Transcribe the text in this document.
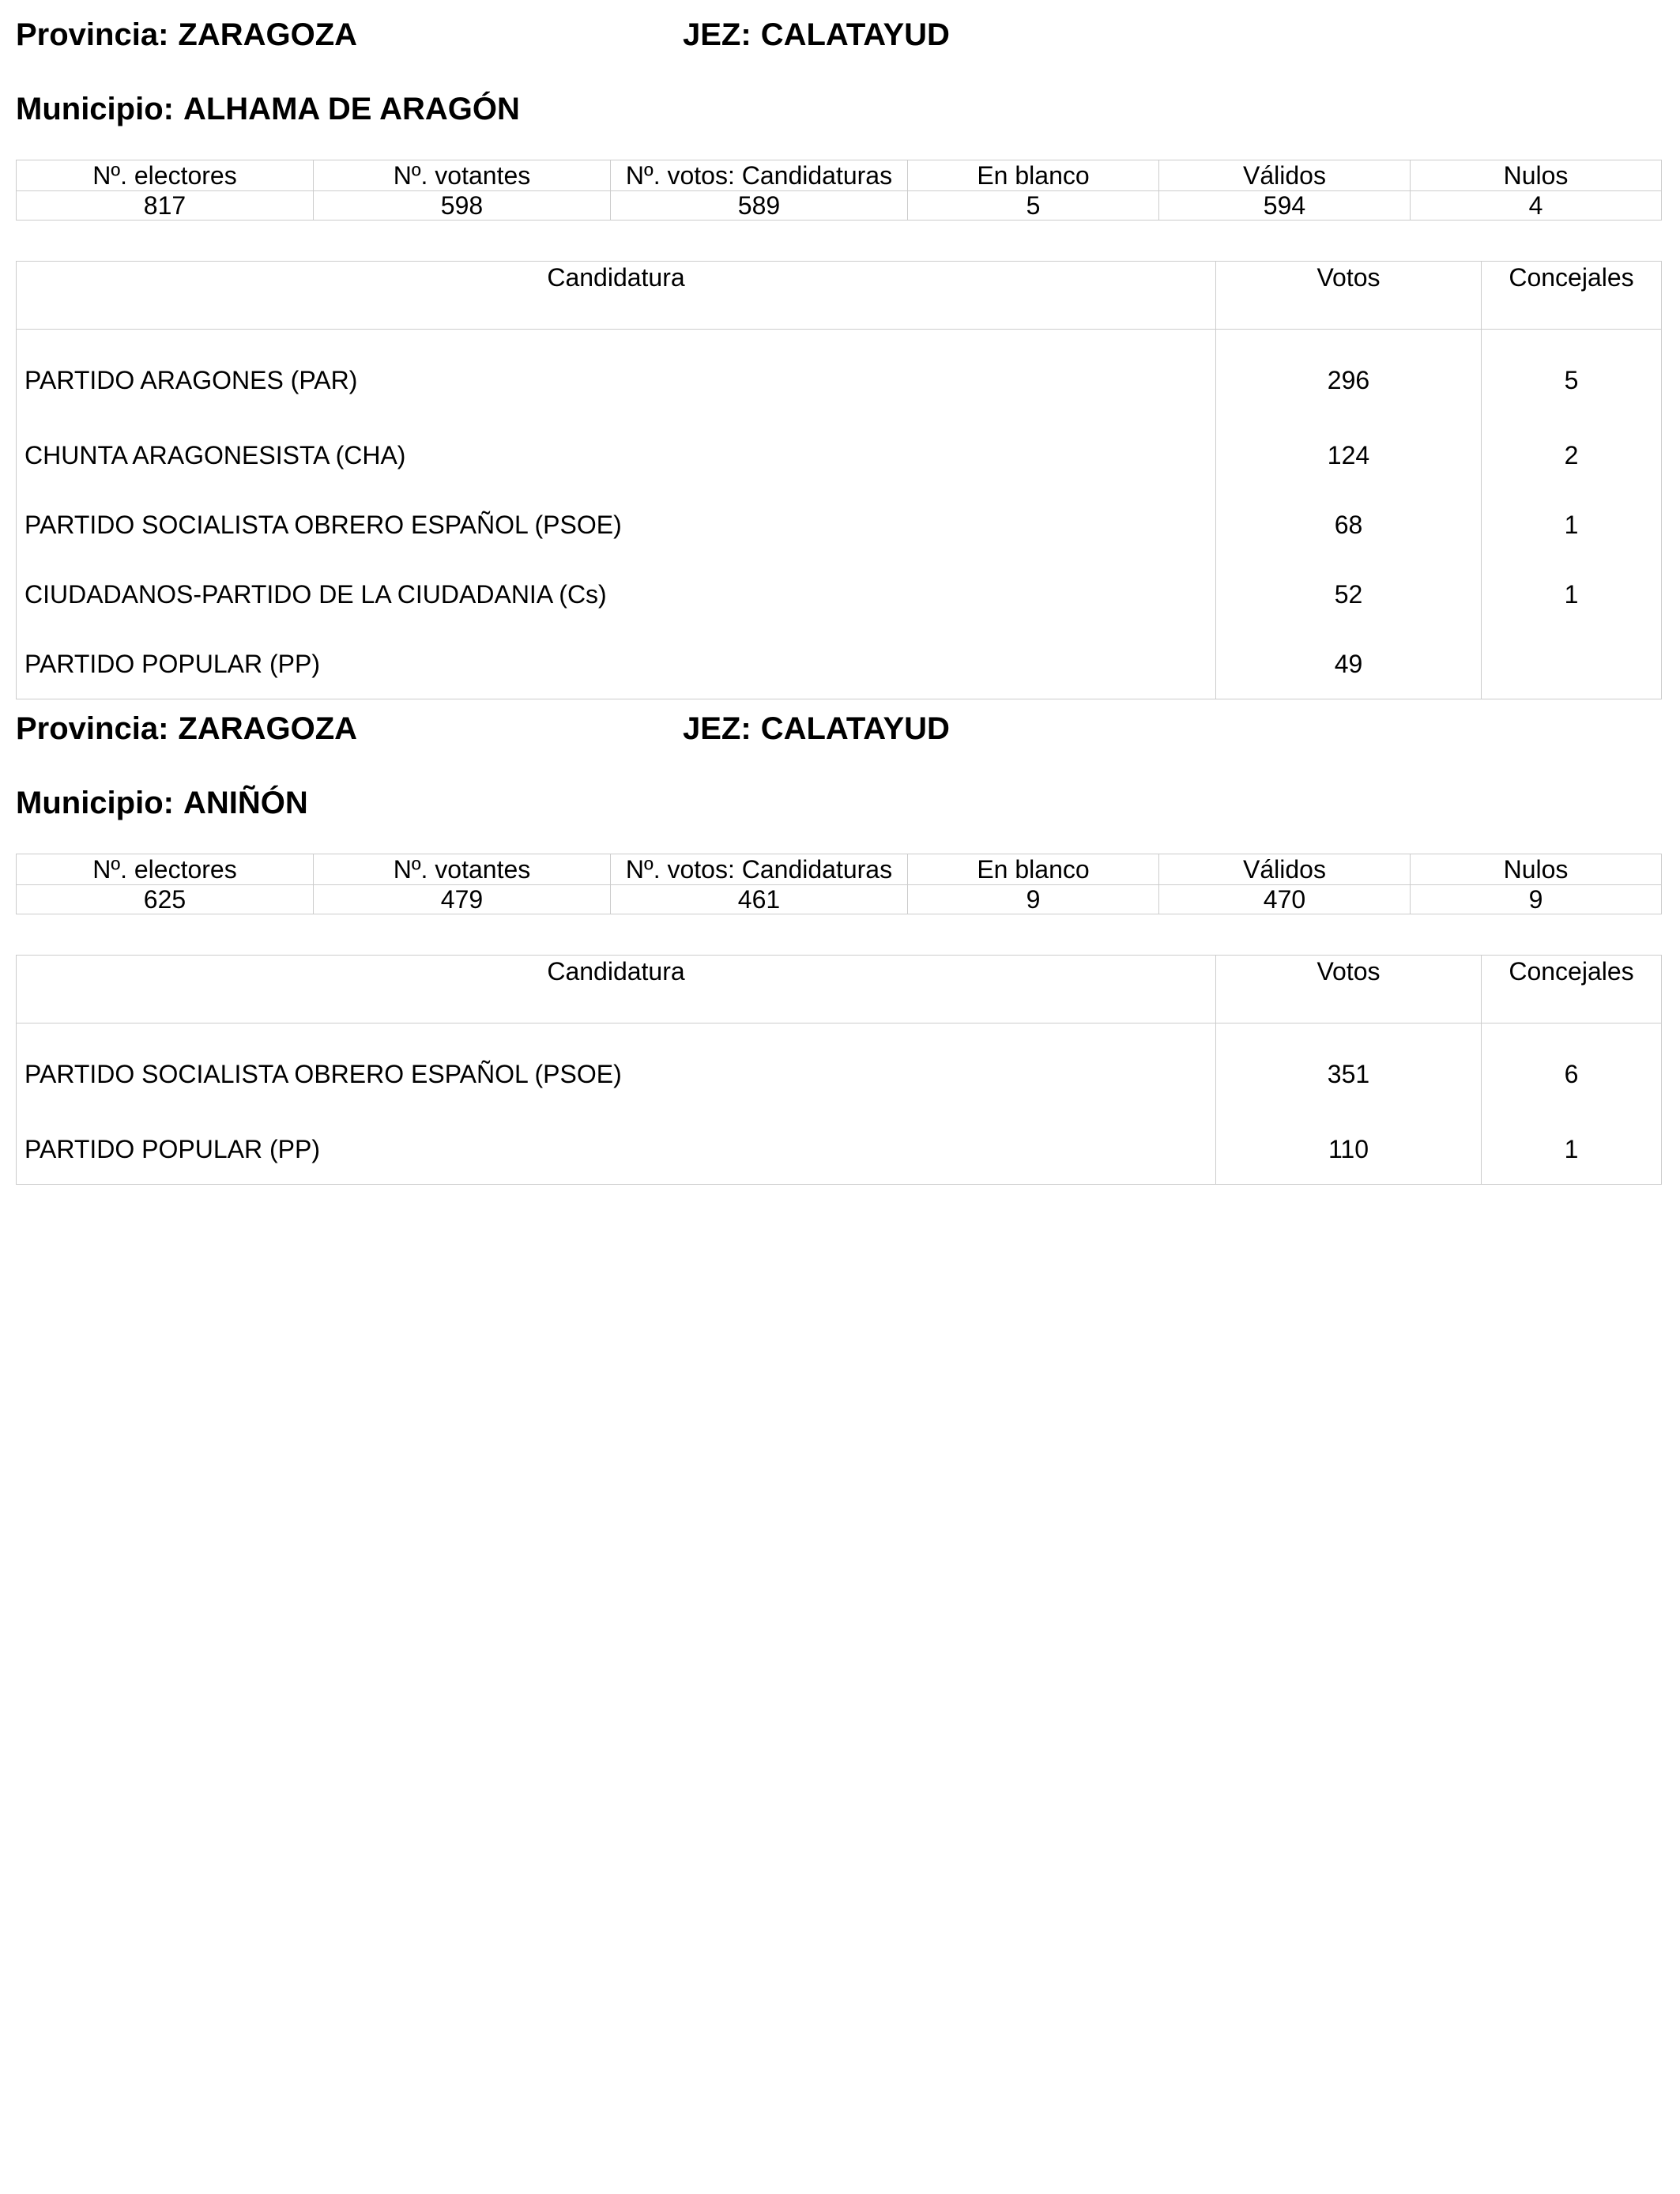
Provincia: ZARAGOZA	JEZ: CALATAYUD
Municipio: ALHAMA DE ARAGÓN
Nº. electores	Nº. votantes	Nº. votos: Candidaturas	En blanco	Válidos	Nulos
817	598	589	5	594	4
Candidatura	Votos	Concejales
PARTIDO ARAGONES (PAR)	296	5
CHUNTA ARAGONESISTA (CHA)	124	2
PARTIDO SOCIALISTA OBRERO ESPAÑOL (PSOE)	68	1
CIUDADANOS-PARTIDO DE LA CIUDADANIA (Cs)	52	1
PARTIDO POPULAR (PP)	49	
Provincia: ZARAGOZA	JEZ: CALATAYUD
Municipio: ANIÑÓN
Nº. electores	Nº. votantes	Nº. votos: Candidaturas	En blanco	Válidos	Nulos
625	479	461	9	470	9
Candidatura	Votos	Concejales
PARTIDO SOCIALISTA OBRERO ESPAÑOL (PSOE)	351	6
PARTIDO POPULAR (PP)	110	1
